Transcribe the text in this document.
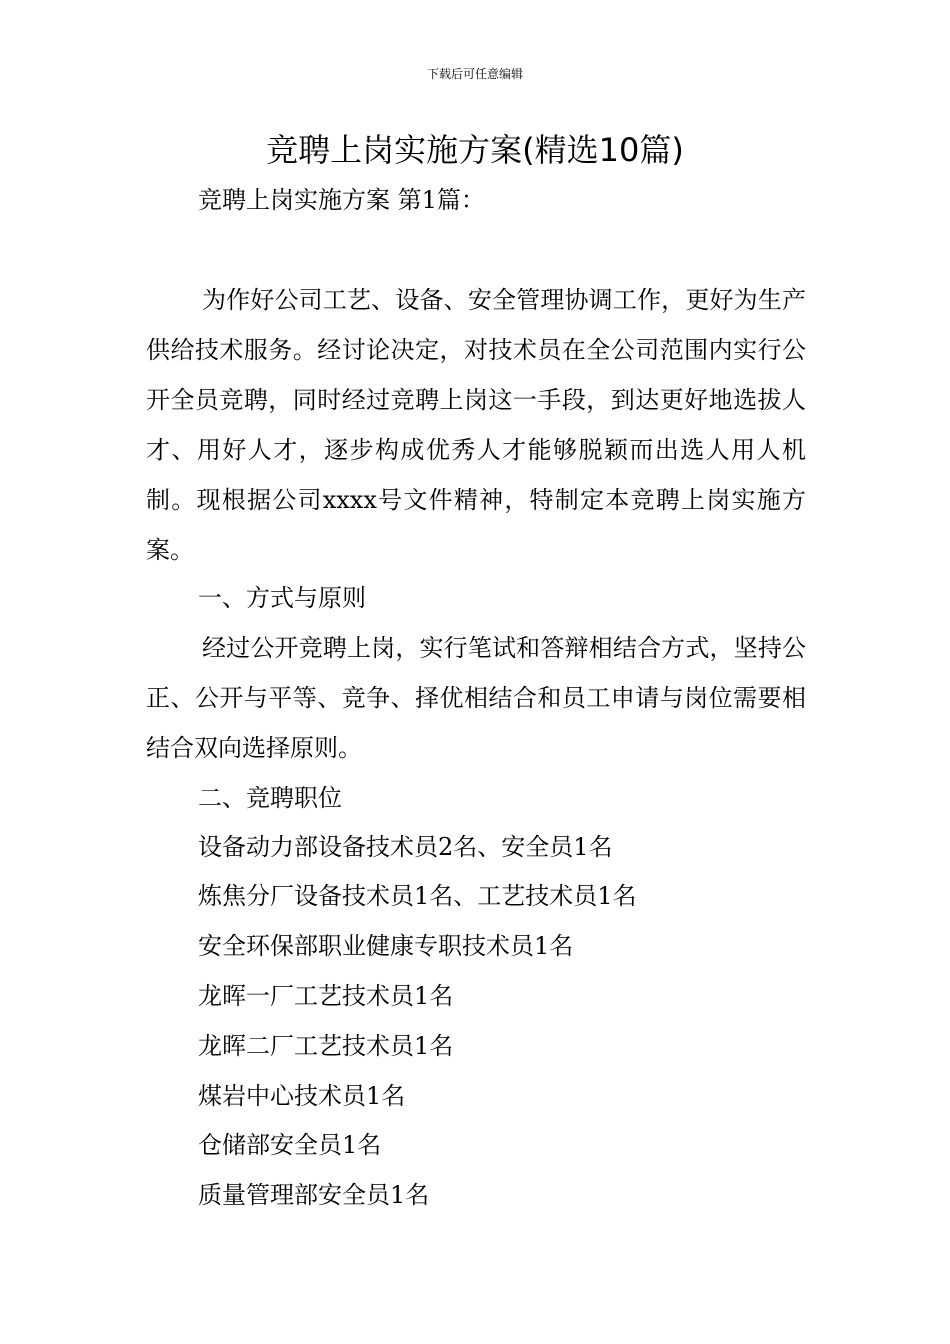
下载后可任意编辑
竞聘上岗实施方案(精选10篇)
竞聘上岗实施方案 第1篇：
为作好公司工艺、设备、安全管理协调工作，更好为生产供给技术服务。经讨论决定，对技术员在全公司范围内实行公开全员竞聘，同时经过竞聘上岗这一手段，到达更好地选拔人才、用好人才，逐步构成优秀人才能够脱颖而出选人用人机制。现根据公司xxxx号文件精神，特制定本竞聘上岗实施方案。
一、方式与原则
经过公开竞聘上岗，实行笔试和答辩相结合方式，坚持公正、公开与平等、竞争、择优相结合和员工申请与岗位需要相结合双向选择原则。
二、竞聘职位
设备动力部设备技术员2名、安全员1名
炼焦分厂设备技术员1名、工艺技术员1名
安全环保部职业健康专职技术员1名
龙晖一厂工艺技术员1名
龙晖二厂工艺技术员1名
煤岩中心技术员1名
仓储部安全员1名
质量管理部安全员1名
